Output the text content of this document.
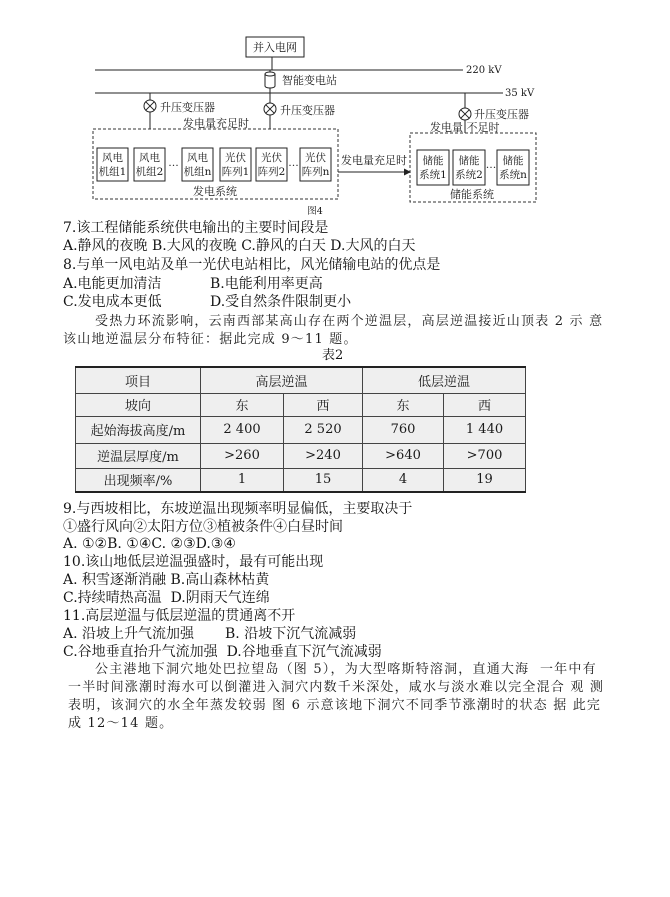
并入电网
220 kV
智能变电站
35 kV
升压变压器	升压变压器	升压变压器
发电量充足时
风电
机组1
风电
机组2
… 风电
机组n
光伏
阵列1
光伏
阵列2
… 光伏
阵列n
发电系统
发电量充足时
发电量 不足时
储能
系统1
储能
系统2
… 储能
系统n
储能系统
图4
7.该工程储能系统供电输出的主要时间段是
A.静风的夜晚 B.大风的夜晚 C.静风的白天 D.大风的白天
8.与单一风电站及单一光伏电站相比，风光储输电站的优点是
A.电能更加清洁	B.电能利用率更高
C.发电成本更低	D.受自然条件限制更小
受热力环流影响，云南西部某高山存在两个逆温层，高层逆温接近山顶表 2 示 意
该山地逆温层分布特征：据此完成 9～11 题。
表2
项目	高层逆温		低层逆温	
坡向	东	西	东	西
起始海拔高度/m	2 400	2 520	760	1 440
逆温层厚度/m	>260	>240	>640	>700
出现频率/%	1	15	4	19
9.与西坡相比，东坡逆温出现频率明显偏低，主要取决于
①盛行风向②太阳方位③植被条件④白昼时间
A. ①②B. ①④C. ②③D.③④
10.该山地低层逆温强盛时，最有可能出现
A. 积雪逐渐消融 B.高山森林枯黄
C.持续晴热高温  D.阴雨天气连绵
11.高层逆温与低层逆温的贯通离不开
A. 沿坡上升气流加强 B. 沿坡下沉气流减弱
C.谷地垂直抬升气流加强  D.谷地垂直下沉气流减弱
公主港地下洞穴地处巴拉望岛（图 5），为大型喀斯特溶洞，直通大海  一年中有
一半时间涨潮时海水可以倒灌进入洞穴内数千米深处，咸水与淡水难以完全混合 观 测
表明，该洞穴的水全年蒸发较弱 图 6 示意该地下洞穴不同季节涨潮时的状态 据 此完
成 12～14 题。
